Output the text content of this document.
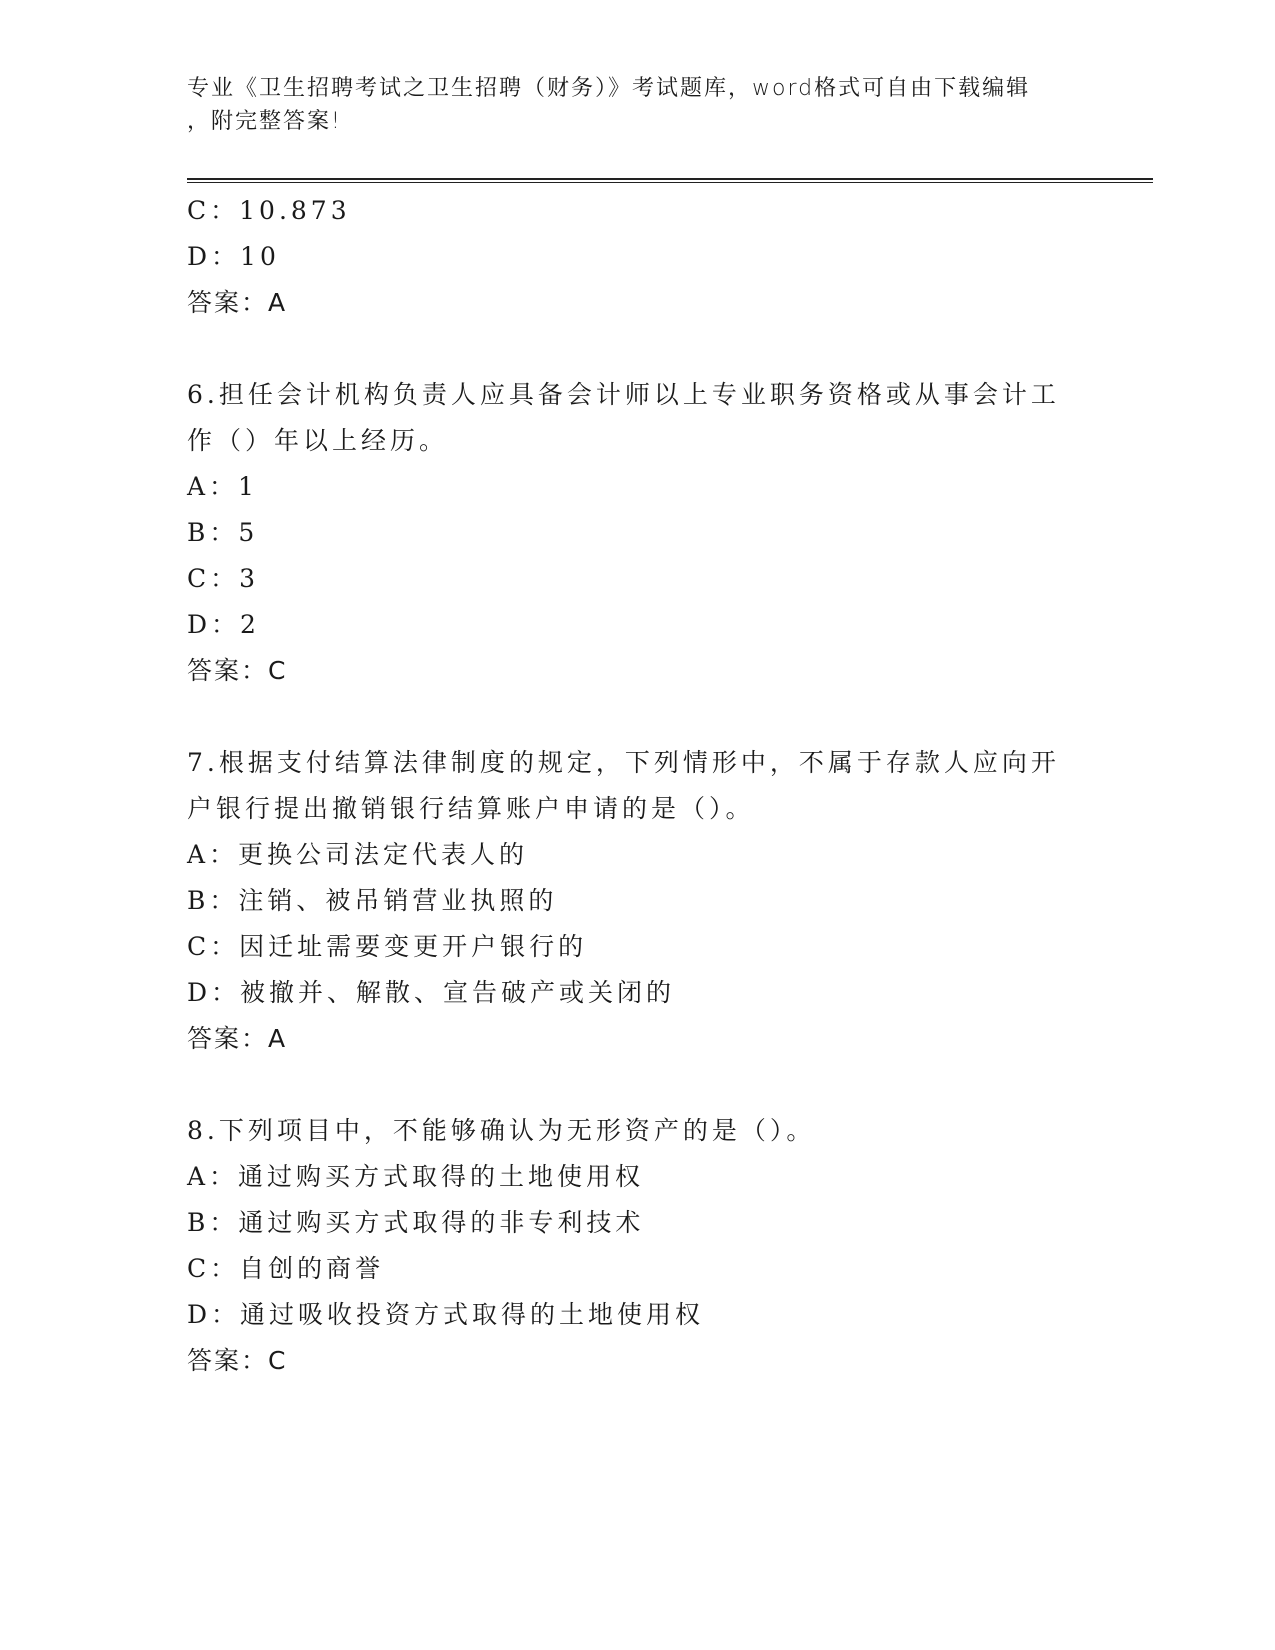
专业《卫生招聘考试之卫生招聘（财务）》考试题库，word格式可自由下载编辑
，附完整答案!
C：10.873
D：10
答案：A
6.担任会计机构负责人应具备会计师以上专业职务资格或从事会计工
作（）年以上经历。
A：1
B：5
C：3
D：2
答案：C
7.根据支付结算法律制度的规定，下列情形中，不属于存款人应向开
户银行提出撤销银行结算账户申请的是（）。
A：更换公司法定代表人的
B：注销、被吊销营业执照的
C：因迁址需要变更开户银行的
D：被撤并、解散、宣告破产或关闭的
答案：A
8.下列项目中，不能够确认为无形资产的是（）。
A：通过购买方式取得的土地使用权
B：通过购买方式取得的非专利技术
C：自创的商誉
D：通过吸收投资方式取得的土地使用权
答案：C
